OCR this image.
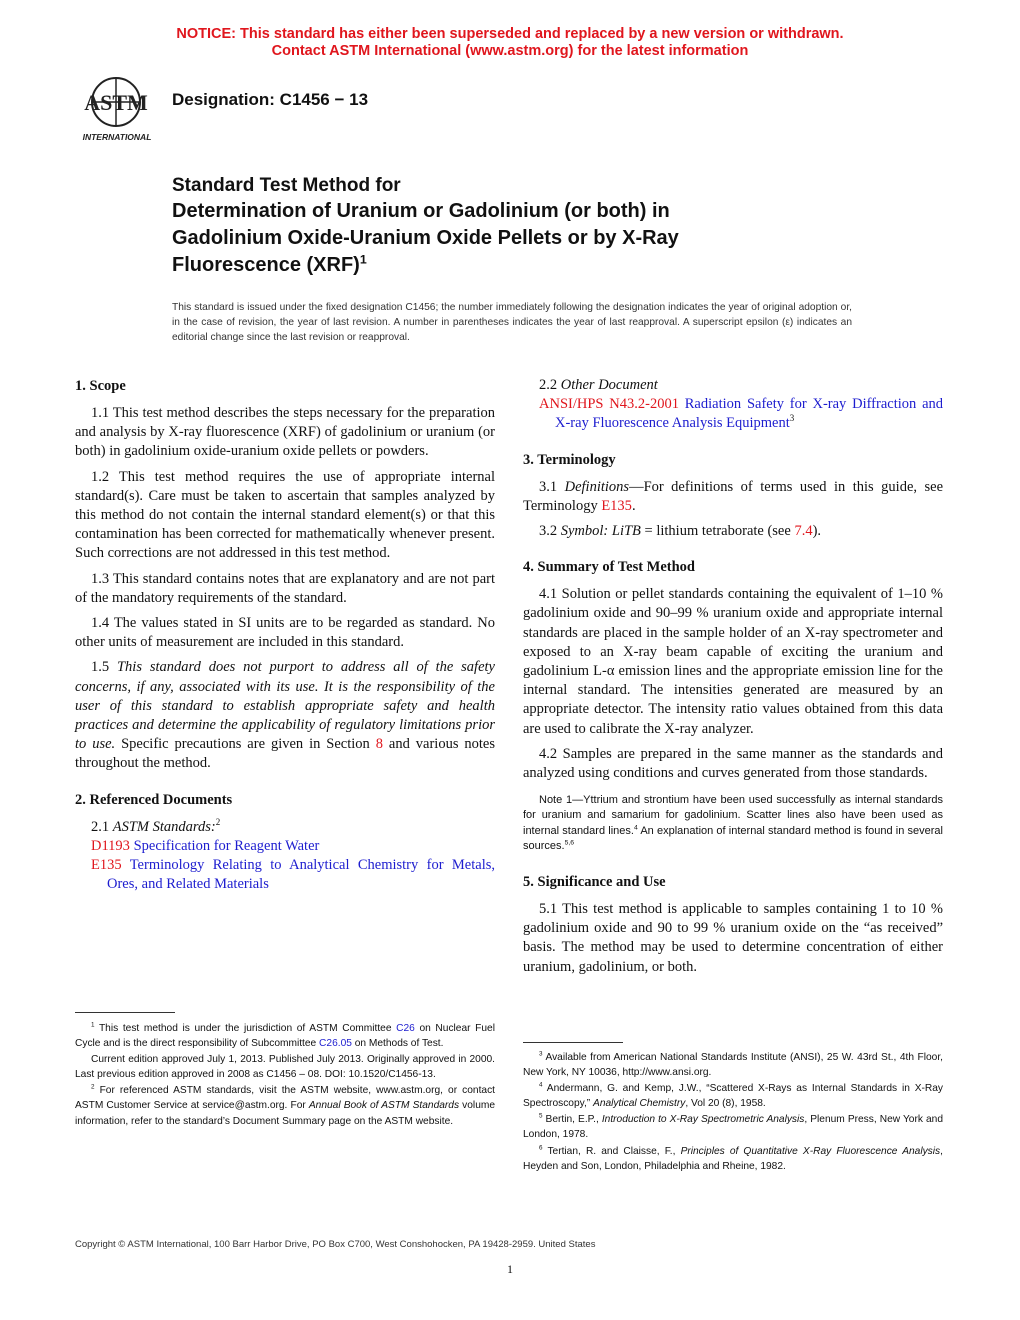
NOTICE: This standard has either been superseded and replaced by a new version or withdrawn.
Contact ASTM International (www.astm.org) for the latest information
ASTM
INTERNATIONAL
Designation: C1456 − 13
Standard Test Method for
Determination of Uranium or Gadolinium (or both) in
Gadolinium Oxide-Uranium Oxide Pellets or by X-Ray
Fluorescence (XRF)$^1$
This standard is issued under the fixed designation C1456; the number immediately following the designation indicates the year of original adoption or, in the case of revision, the year of last revision. A number in parentheses indicates the year of last reapproval. A superscript epsilon (ε) indicates an editorial change since the last revision or reapproval.
1. Scope

1.1 This test method describes the steps necessary for the preparation and analysis by X-ray fluorescence (XRF) of gadolinium or uranium (or both) in gadolinium oxide-uranium oxide pellets or powders.

1.2 This test method requires the use of appropriate internal standard(s). Care must be taken to ascertain that samples analyzed by this method do not contain the internal standard element(s) or that this contamination has been corrected for mathematically whenever present. Such corrections are not addressed in this test method.

1.3 This standard contains notes that are explanatory and are not part of the mandatory requirements of the standard.

1.4 The values stated in SI units are to be regarded as standard. No other units of measurement are included in this standard.

1.5 This standard does not purport to address all of the safety concerns, if any, associated with its use. It is the responsibility of the user of this standard to establish appropriate safety and health practices and determine the applicability of regulatory limitations prior to use. Specific precautions are given in Section 8 and various notes throughout the method.

2. Referenced Documents

2.1 ASTM Standards:$^2$

D1193 Specification for Reagent Water

E135 Terminology Relating to Analytical Chemistry for Metals, Ores, and Related Materials

2.2 Other Document

ANSI/HPS N43.2-2001 Radiation Safety for X-ray Diffraction and X-ray Fluorescence Analysis Equipment$^3$

3. Terminology

3.1 Definitions—For definitions of terms used in this guide, see Terminology E135.

3.2 Symbol: LiTB = lithium tetraborate (see 7.4).

4. Summary of Test Method

4.1 Solution or pellet standards containing the equivalent of 1–10 % gadolinium oxide and 90–99 % uranium oxide and appropriate internal standards are placed in the sample holder of an X-ray spectrometer and exposed to an X-ray beam capable of exciting the uranium and gadolinium L-α emission lines and the appropriate emission line for the internal standard. The intensities generated are measured by an appropriate detector. The intensity ratio values obtained from this data are used to calibrate the X-ray analyzer.

4.2 Samples are prepared in the same manner as the standards and analyzed using conditions and curves generated from those standards.

Note 1—Yttrium and strontium have been used successfully as internal standards for uranium and samarium for gadolinium. Scatter lines also have been used as internal standard lines.$^4$ An explanation of internal standard method is found in several sources.$^{5,6}$
5. Significance and Use

5.1 This test method is applicable to samples containing 1 to 10 % gadolinium oxide and 90 to 99 % uranium oxide on the “as received” basis. The method may be used to determine concentration of either uranium, gadolinium, or both.

$^1$ This test method is under the jurisdiction of ASTM Committee C26 on Nuclear Fuel Cycle and is the direct responsibility of Subcommittee C26.05 on Methods of Test.

Current edition approved July 1, 2013. Published July 2013. Originally approved in 2000. Last previous edition approved in 2008 as C1456 – 08. DOI: 10.1520/C1456-13.

$^2$ For referenced ASTM standards, visit the ASTM website, www.astm.org, or contact ASTM Customer Service at service@astm.org. For Annual Book of ASTM Standards volume information, refer to the standard’s Document Summary page on the ASTM website.

$^3$ Available from American National Standards Institute (ANSI), 25 W. 43rd St., 4th Floor, New York, NY 10036, http://www.ansi.org.

$^4$ Andermann, G. and Kemp, J.W., “Scattered X-Rays as Internal Standards in X-Ray Spectroscopy,” Analytical Chemistry, Vol 20 (8), 1958.

$^5$ Bertin, E.P., Introduction to X-Ray Spectrometric Analysis, Plenum Press, New York and London, 1978.

$^6$ Tertian, R. and Claisse, F., Principles of Quantitative X-Ray Fluorescence Analysis, Heyden and Son, London, Philadelphia and Rheine, 1982.

Copyright © ASTM International, 100 Barr Harbor Drive, PO Box C700, West Conshohocken, PA 19428-2959. United States
1
